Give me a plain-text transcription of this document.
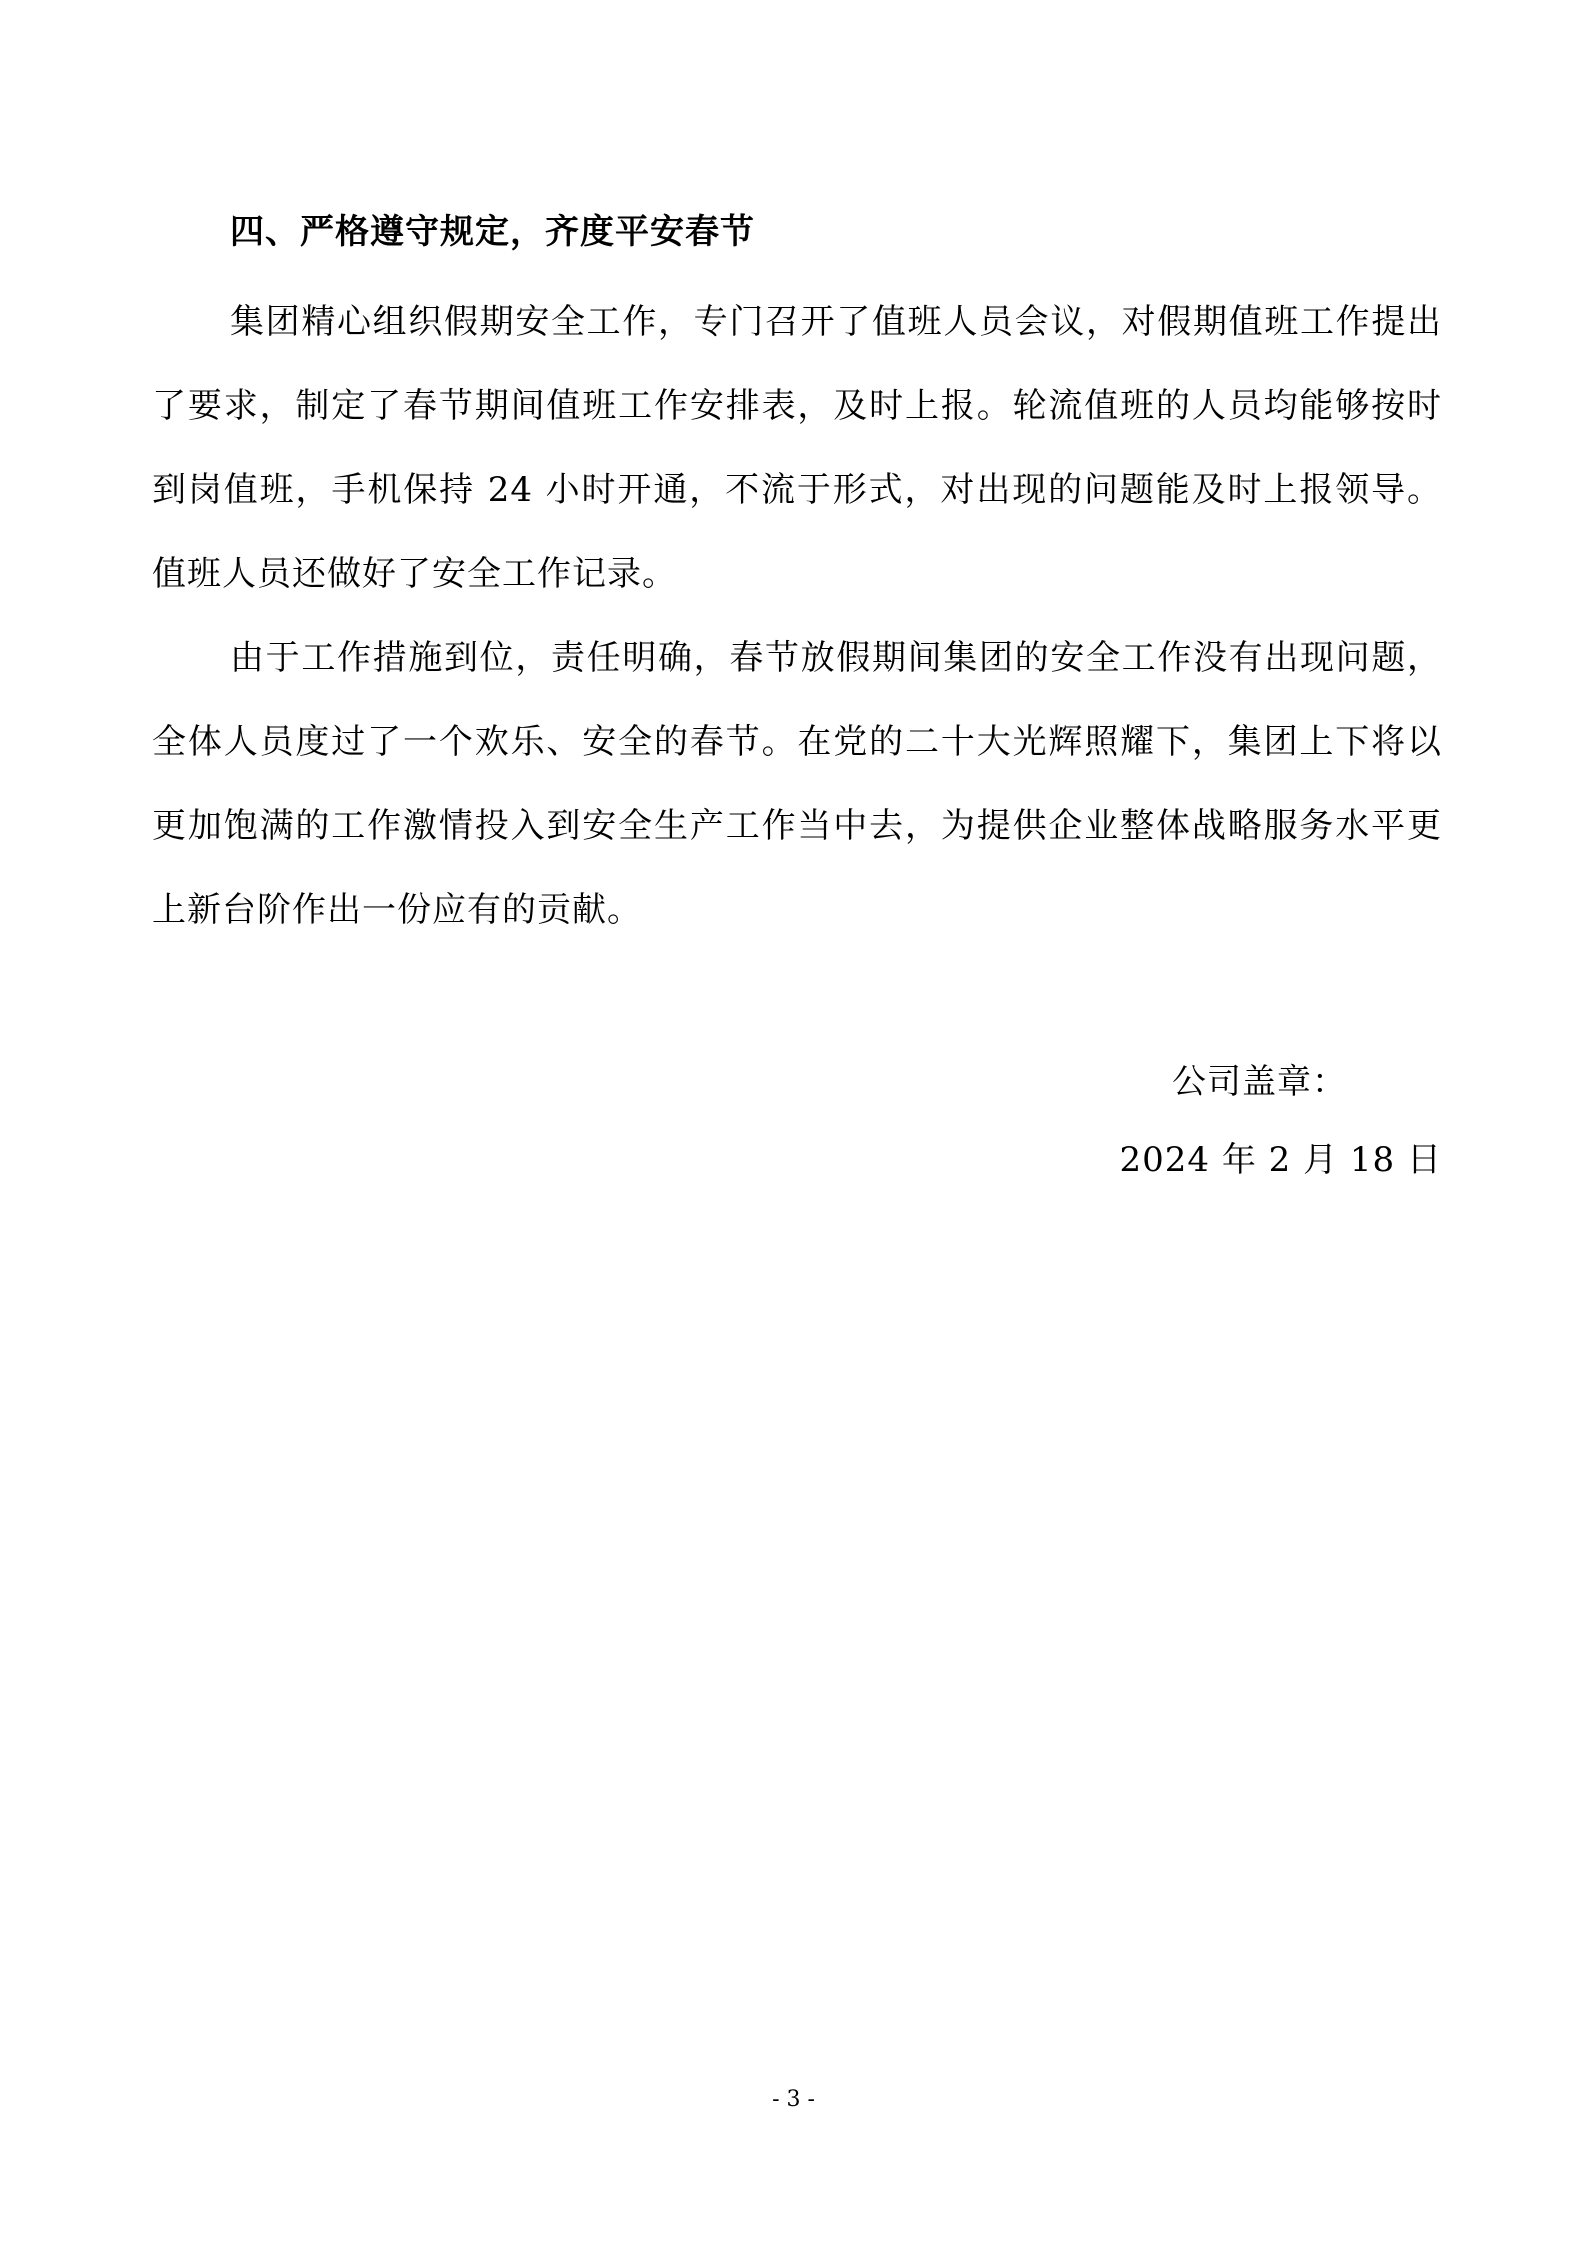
四、严格遵守规定，齐度平安春节

集团精心组织假期安全工作，专门召开了值班人员会议，对假期值班工作提出了要求，制定了春节期间值班工作安排表，及时上报。轮流值班的人员均能够按时到岗值班，手机保持 24 小时开通，不流于形式，对出现的问题能及时上报领导。值班人员还做好了安全工作记录。

由于工作措施到位，责任明确，春节放假期间集团的安全工作没有出现问题，全体人员度过了一个欢乐、安全的春节。在党的二十大光辉照耀下，集团上下将以更加饱满的工作激情投入到安全生产工作当中去，为提供企业整体战略服务水平更上新台阶作出一份应有的贡献。

公司盖章：
2024 年 2 月 18 日
- 3 -
